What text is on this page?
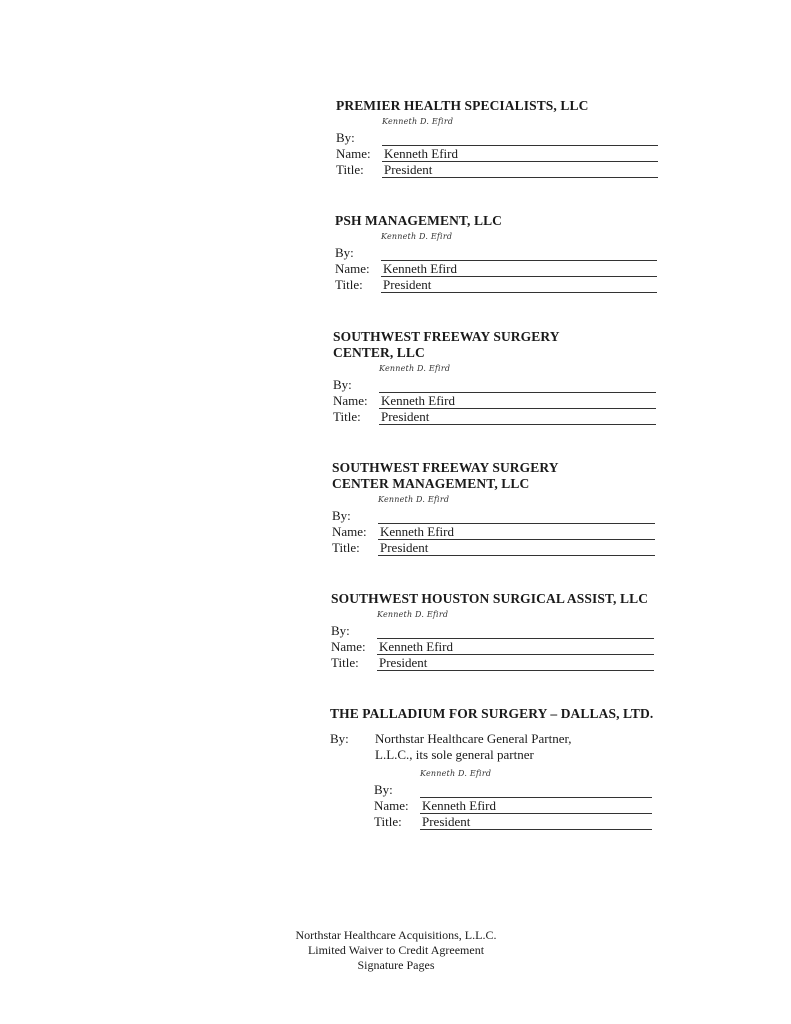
PREMIER HEALTH SPECIALISTS, LLC
By:
Kenneth D. Efird
Name: Kenneth Efird
Title: President
PSH MANAGEMENT, LLC
By:
Kenneth D. Efird
Name: Kenneth Efird
Title: President
SOUTHWEST FREEWAY SURGERY
CENTER, LLC
By:
Kenneth D. Efird
Name: Kenneth Efird
Title: President
SOUTHWEST FREEWAY SURGERY
CENTER MANAGEMENT, LLC
By:
Kenneth D. Efird
Name: Kenneth Efird
Title: President
SOUTHWEST HOUSTON SURGICAL ASSIST, LLC
By:
Kenneth D. Efird
Name: Kenneth Efird
Title: President
THE PALLADIUM FOR SURGERY – DALLAS, LTD.
By: Northstar Healthcare General Partner,
L.L.C., its sole general partner
By:
Kenneth D. Efird
Name: Kenneth Efird
Title: President
Northstar Healthcare Acquisitions, L.L.C.
Limited Waiver to Credit Agreement
Signature Pages
